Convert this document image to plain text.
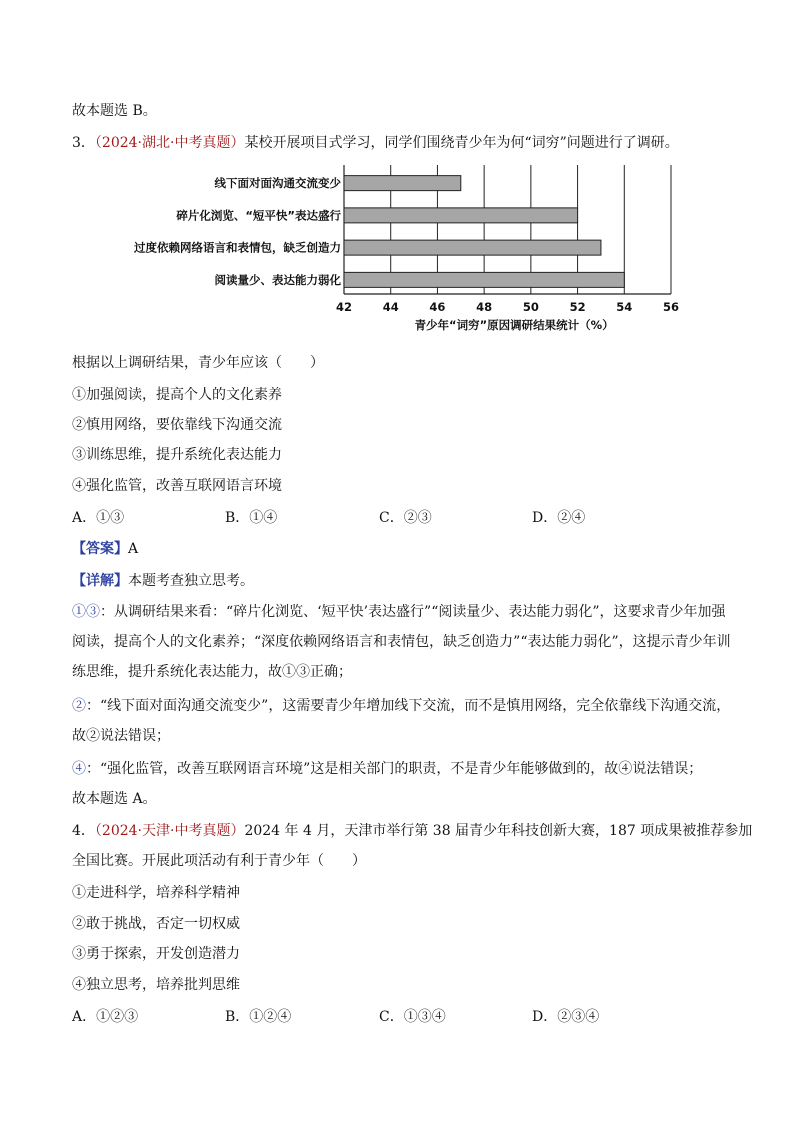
故本题选 B。
3．（2024·湖北·中考真题）某校开展项目式学习，同学们围绕青少年为何“词穷”问题进行了调研。
线下面对面沟通交流变少
碎片化浏览、“短平快”表达盛行
过度依赖网络语言和表情包，缺乏创造力
阅读量少、表达能力弱化
42	44	46	48	50	52	54	56
青少年“词穷”原因调研结果统计（%）
根据以上调研结果，青少年应该（　　）
①加强阅读，提高个人的文化素养
②慎用网络，要依靠线下沟通交流
③训练思维，提升系统化表达能力
④强化监管，改善互联网语言环境
A．①③	B．①④	C．②③	D．②④
【答案】A
【详解】本题考查独立思考。
①③：从调研结果来看：“碎片化浏览、‘短平快’表达盛行”“阅读量少、表达能力弱化”，这要求青少年加强
阅读，提高个人的文化素养；“深度依赖网络语言和表情包，缺乏创造力”“表达能力弱化”，这提示青少年训
练思维，提升系统化表达能力，故①③正确；
②：“线下面对面沟通交流变少”，这需要青少年增加线下交流，而不是慎用网络，完全依靠线下沟通交流，
故②说法错误；
④：“强化监管，改善互联网语言环境”这是相关部门的职责，不是青少年能够做到的，故④说法错误；
故本题选 A。
4．（2024·天津·中考真题）2024 年 4 月，天津市举行第 38 届青少年科技创新大赛，187 项成果被推荐参加
全国比赛。开展此项活动有利于青少年（　　）
①走进科学，培养科学精神
②敢于挑战，否定一切权威
③勇于探索，开发创造潜力
④独立思考，培养批判思维
A．①②③	B．①②④	C．①③④	D．②③④
